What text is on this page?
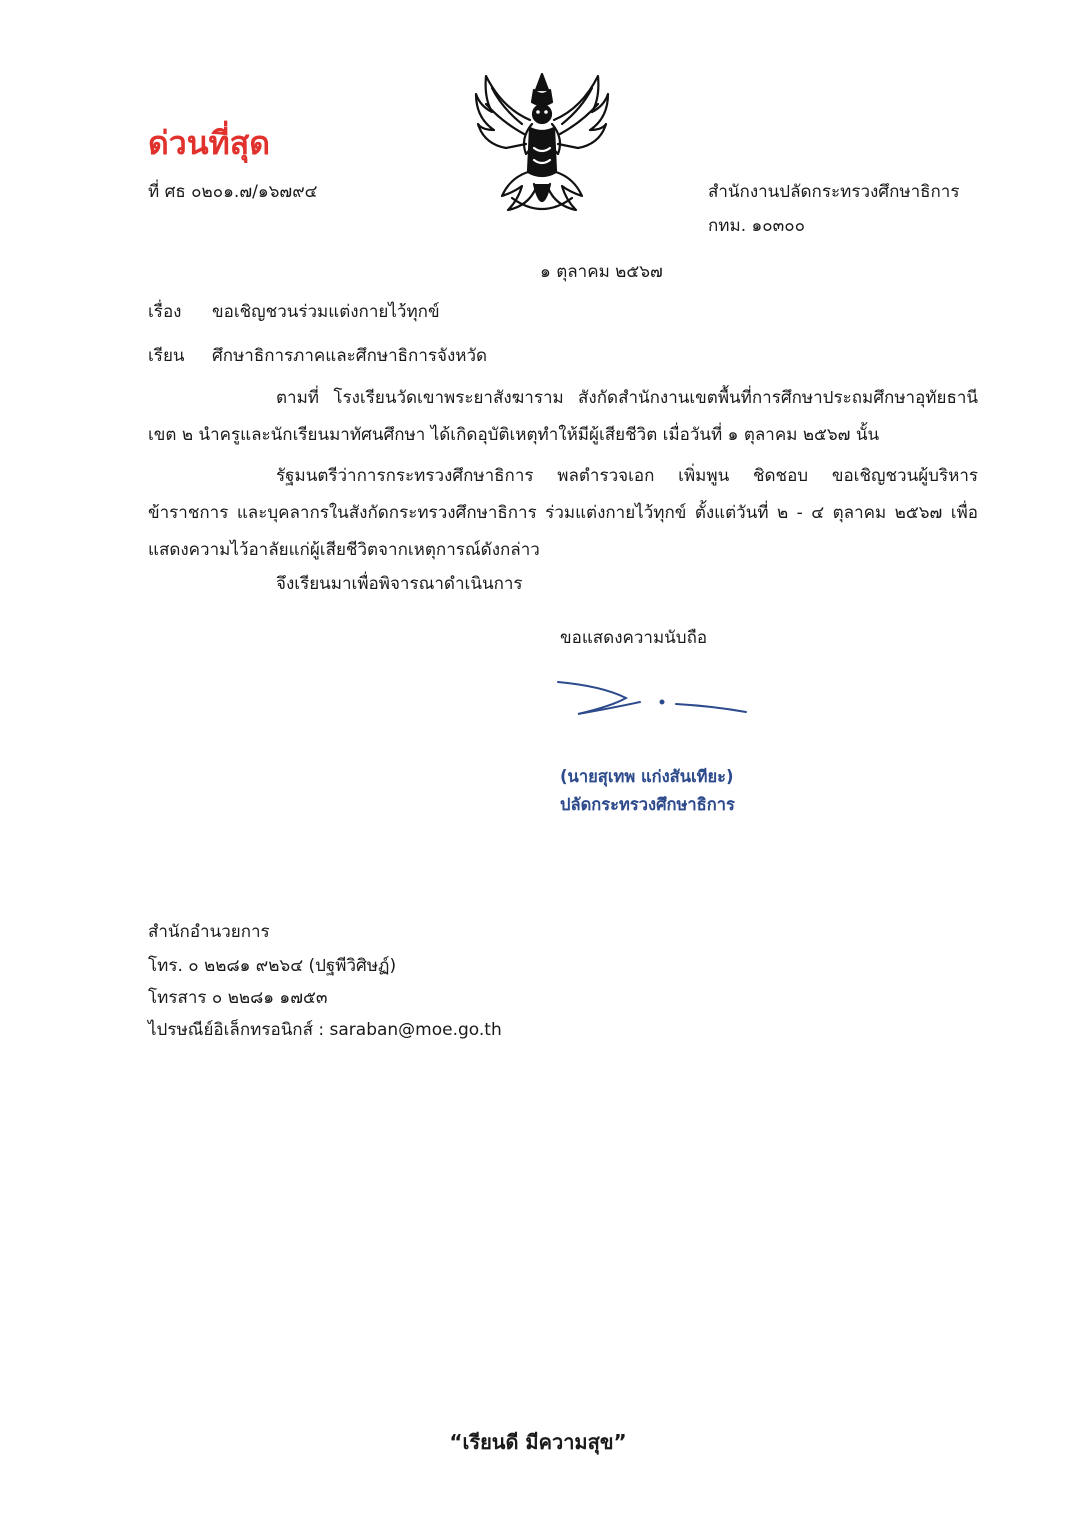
ด่วนที่สุด
ที่ ศธ ๐๒๐๑.๗/๑๖๗๙๔	สำนักงานปลัดกระทรวงศึกษาธิการ
กทม. ๑๐๓๐๐
๑ ตุลาคม ๒๕๖๗
เรื่อง ขอเชิญชวนร่วมแต่งกายไว้ทุกข์
เรียน ศึกษาธิการภาคและศึกษาธิการจังหวัด
ตามที่ โรงเรียนวัดเขาพระยาสังฆาราม สังกัดสำนักงานเขตพื้นที่การศึกษาประถมศึกษาอุทัยธานี เขต ๒ นำครูและนักเรียนมาทัศนศึกษา ได้เกิดอุบัติเหตุทำให้มีผู้เสียชีวิต เมื่อวันที่ ๑ ตุลาคม ๒๕๖๗ นั้น
รัฐมนตรีว่าการกระทรวงศึกษาธิการ พลตำรวจเอก เพิ่มพูน ชิดชอบ ขอเชิญชวนผู้บริหาร ข้าราชการ และบุคลากรในสังกัดกระทรวงศึกษาธิการ ร่วมแต่งกายไว้ทุกข์ ตั้งแต่วันที่ ๒ - ๔ ตุลาคม ๒๕๖๗ เพื่อแสดงความไว้อาลัยแก่ผู้เสียชีวิตจากเหตุการณ์ดังกล่าว
จึงเรียนมาเพื่อพิจารณาดำเนินการ
ขอแสดงความนับถือ
(นายสุเทพ แก่งสันเทียะ)
ปลัดกระทรวงศึกษาธิการ
สำนักอำนวยการ
โทร. ๐ ๒๒๘๑ ๙๒๖๔ (ปฐพีวิศิษฏ์)
โทรสาร ๐ ๒๒๘๑ ๑๗๕๓
ไปรษณีย์อิเล็กทรอนิกส์ : saraban@moe.go.th
“เรียนดี มีความสุข”
